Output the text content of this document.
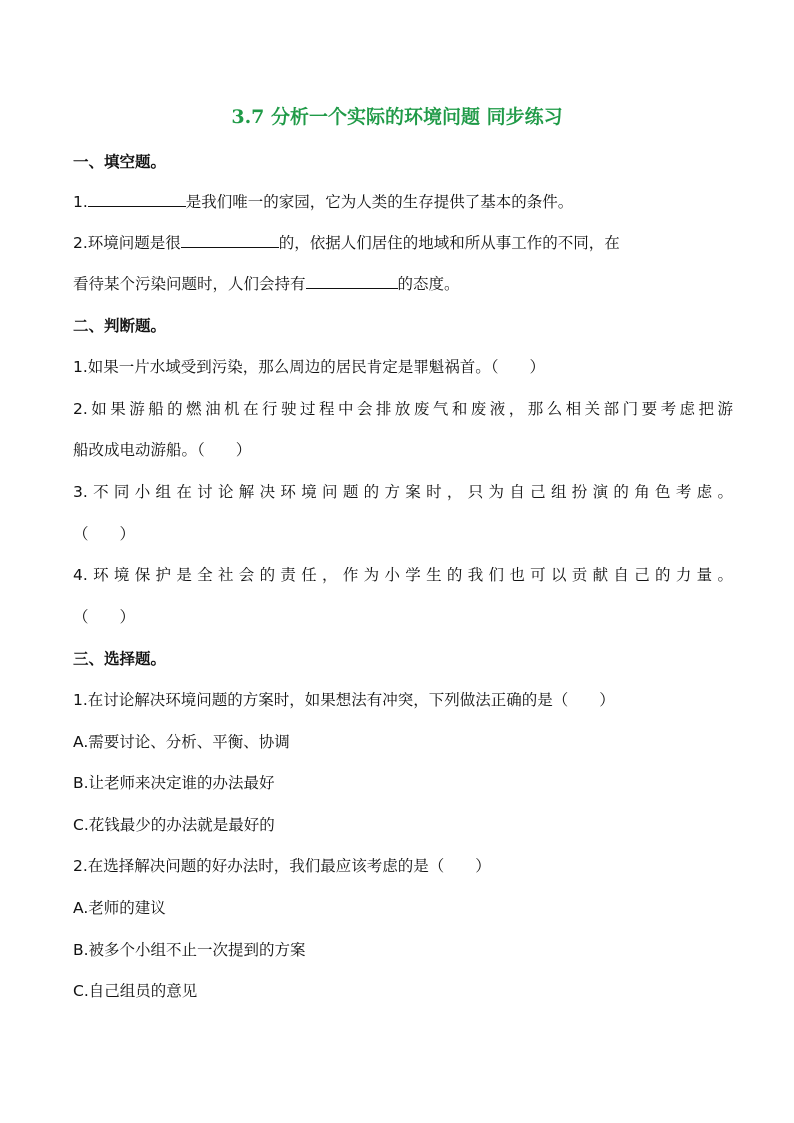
3.7 分析一个实际的环境问题 同步练习
一、填空题。
1.	是我们唯一的家园，它为人类的生存提供了基本的条件。
2.环境问题是很	的，依据人们居住的地域和所从事工作的不同，在
看待某个污染问题时，人们会持有	的态度。
二、判断题。
1.如果一片水域受到污染，那么周边的居民肯定是罪魁祸首。（　　）
2.如果游船的燃油机在行驶过程中会排放废气和废液，那么相关部门要考虑把游
船改成电动游船。（　　）
3.不同小组在讨论解决环境问题的方案时，只为自己组扮演的角色考虑。
（　　）
4.环境保护是全社会的责任，作为小学生的我们也可以贡献自己的力量。
（　　）
三、选择题。
1.在讨论解决环境问题的方案时，如果想法有冲突，下列做法正确的是（　　）
A.需要讨论、分析、平衡、协调
B.让老师来决定谁的办法最好
C.花钱最少的办法就是最好的
2.在选择解决问题的好办法时，我们最应该考虑的是（　　）
A.老师的建议
B.被多个小组不止一次提到的方案
C.自己组员的意见
